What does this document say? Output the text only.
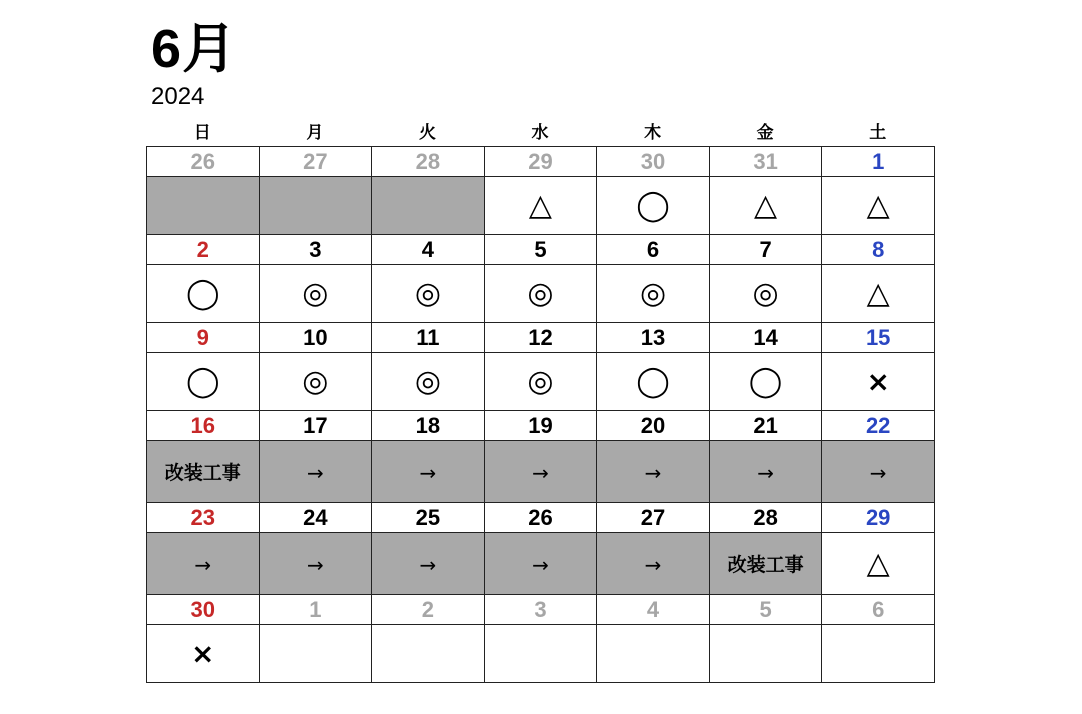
6月
2024
日	月	火	水	木	金	土
26	27	28	29	30	31	1
			△	◯	△	△
2	3	4	5	6	7	8
◯	◎	◎	◎	◎	◎	△
9	10	11	12	13	14	15
◯	◎	◎	◎	◯	◯	×
16	17	18	19	20	21	22
改装工事	→	→	→	→	→	→
23	24	25	26	27	28	29
→	→	→	→	→	改装工事	△
30	1	2	3	4	5	6
×						
